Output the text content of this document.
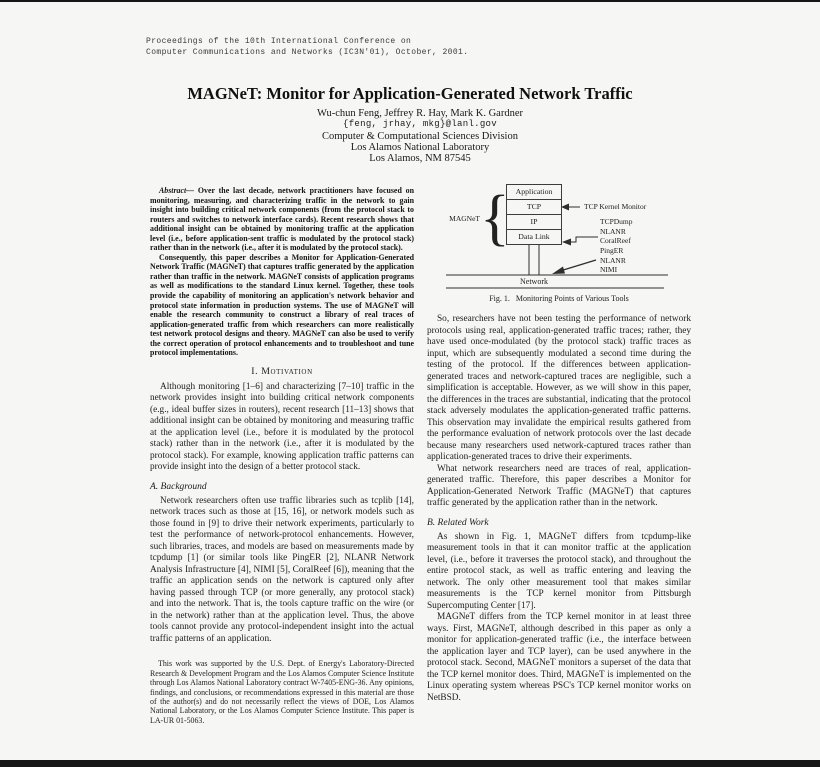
Proceedings of the 10th International Conference on
Computer Communications and Networks (IC3N'01), October, 2001.
MAGNeT: Monitor for Application-Generated Network Traffic
Wu-chun Feng, Jeffrey R. Hay, Mark K. Gardner
{feng, jrhay, mkg}@lanl.gov
Computer & Computational Sciences Division
Los Alamos National Laboratory
Los Alamos, NM 87545

Abstract— Over the last decade, network practitioners have focused on monitoring, measuring, and characterizing traffic in the network to gain insight into building critical network components (from the protocol stack to routers and switches to network interface cards). Recent research shows that additional insight can be obtained by monitoring traffic at the application level (i.e., before application-sent traffic is modulated by the protocol stack) rather than in the network (i.e., after it is modulated by the protocol stack).

Consequently, this paper describes a Monitor for Application-Generated Network Traffic (MAGNeT) that captures traffic generated by the application rather than traffic in the network. MAGNeT consists of application programs as well as modifications to the standard Linux kernel. Together, these tools provide the capability of monitoring an application's network behavior and protocol state information in production systems. The use of MAGNeT will enable the research community to construct a library of real traces of application-generated traffic from which researchers can more realistically test network protocol designs and theory. MAGNeT can also be used to verify the correct operation of protocol enhancements and to troubleshoot and tune protocol implementations.

I. Motivation

Although monitoring [1–6] and characterizing [7–10] traffic in the network provides insight into building critical network components (e.g., ideal buffer sizes in routers), recent research [11–13] shows that additional insight can be obtained by monitoring and measuring traffic at the application level (i.e., before it is modulated by the protocol stack) rather than in the network (i.e., after it is modulated by the protocol stack). For example, knowing application traffic patterns can provide insight into the design of a better protocol stack.

A. Background

Network researchers often use traffic libraries such as tcplib [14], network traces such as those at [15, 16], or network models such as those found in [9] to drive their network experiments, particularly to test the performance of network-protocol enhancements. However, such libraries, traces, and models are based on measurements made by tcpdump [1] (or similar tools like PingER [2], NLANR Network Analysis Infrastructure [4], NIMI [5], CoralReef [6]), meaning that the traffic an application sends on the network is captured only after having passed through TCP (or more generally, any protocol stack) and into the network. That is, the tools capture traffic on the wire (or in the network) rather than at the application level. Thus, the above tools cannot provide any protocol-independent insight into the actual traffic patterns of an application.

This work was supported by the U.S. Dept. of Energy's Laboratory-Directed Research & Development Program and the Los Alamos Computer Science Institute through Los Alamos National Laboratory contract W-7405-ENG-36. Any opinions, findings, and conclusions, or recommendations expressed in this material are those of the author(s) and do not necessarily reflect the views of DOE, Los Alamos National Laboratory, or the Los Alamos Computer Science Institute. This paper is LA-UR 01-5063.

{
MAGNeT
Application
TCP
IP
Data Link
TCP Kernel Monitor
TCPDump
NLANR
CoralReef
PingER
NLANR
NIMI
Network
Fig. 1. Monitoring Points of Various Tools

So, researchers have not been testing the performance of network protocols using real, application-generated traffic traces; rather, they have used once-modulated (by the protocol stack) traffic traces as input, which are subsequently modulated a second time during the testing of the protocol. If the differences between application-generated traces and network-captured traces are negligible, such a simplification is acceptable. However, as we will show in this paper, the differences in the traces are substantial, indicating that the protocol stack adversely modulates the application-generated traffic patterns. This observation may invalidate the empirical results gathered from the performance evaluation of network protocols over the last decade because many researchers used network-captured traces rather than application-generated traces to drive their experiments.

What network researchers need are traces of real, application-generated traffic. Therefore, this paper describes a Monitor for Application-Generated Network Traffic (MAGNeT) that captures traffic generated by the application rather than in the network.

B. Related Work

As shown in Fig. 1, MAGNeT differs from tcpdump-like measurement tools in that it can monitor traffic at the application level, (i.e., before it traverses the protocol stack), and throughout the entire protocol stack, as well as traffic entering and leaving the network. The only other measurement tool that makes similar measurements is the TCP kernel monitor from Pittsburgh Supercomputing Center [17].

MAGNeT differs from the TCP kernel monitor in at least three ways. First, MAGNeT, although described in this paper as only a monitor for application-generated traffic (i.e., the interface between the application layer and TCP layer), can be used anywhere in the protocol stack. Second, MAGNeT monitors a superset of the data that the TCP kernel monitor does. Third, MAGNeT is implemented on the Linux operating system whereas PSC's TCP kernel monitor works on NetBSD.
